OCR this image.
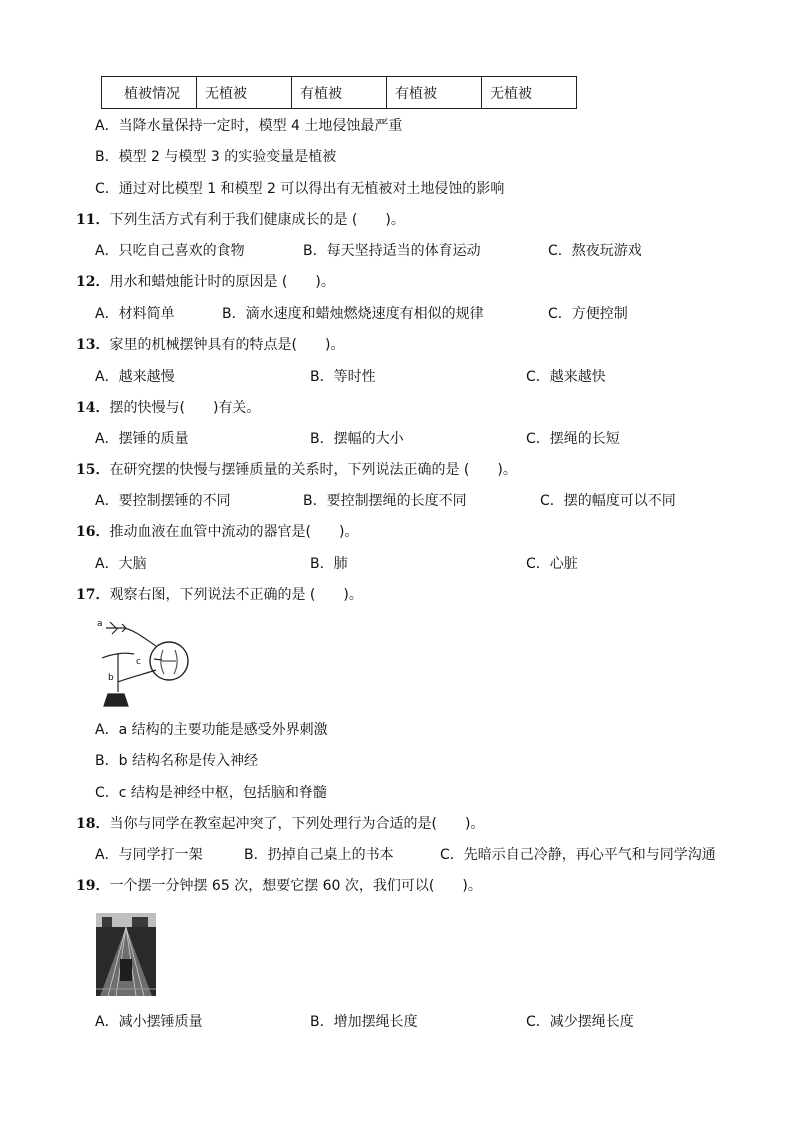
植被情况	无植被	有植被	有植被	无植被
A．当降水量保持一定时，模型 4 土地侵蚀最严重
B．模型 2 与模型 3 的实验变量是植被
C．通过对比模型 1 和模型 2 可以得出有无植被对土地侵蚀的影响
11．下列生活方式有利于我们健康成长的是 (　　)。
A．只吃自己喜欢的食物	B．每天坚持适当的体育运动	C．熬夜玩游戏
12．用水和蜡烛能计时的原因是 (　　)。
A．材料简单	B．滴水速度和蜡烛燃烧速度有相似的规律	C．方便控制
13．家里的机械摆钟具有的特点是(　　)。
A．越来越慢	B．等时性	C．越来越快
14．摆的快慢与(　　)有关。
A．摆锤的质量	B．摆幅的大小	C．摆绳的长短
15．在研究摆的快慢与摆锤质量的关系时，下列说法正确的是 (　　)。
A．要控制摆锤的不同	B．要控制摆绳的长度不同	C．摆的幅度可以不同
16．推动血液在血管中流动的器官是(　　)。
A．大脑	B．肺	C．心脏
17．观察右图，下列说法不正确的是 (　　)。
a
b
c
A．a 结构的主要功能是感受外界刺激
B．b 结构名称是传入神经
C．c 结构是神经中枢，包括脑和脊髓
18．当你与同学在教室起冲突了，下列处理行为合适的是(　　)。
A．与同学打一架	B．扔掉自己桌上的书本	C．先暗示自己冷静，再心平气和与同学沟通
19．一个摆一分钟摆 65 次，想要它摆 60 次，我们可以(　　)。
A．减小摆锤质量	B．增加摆绳长度	C．减少摆绳长度
